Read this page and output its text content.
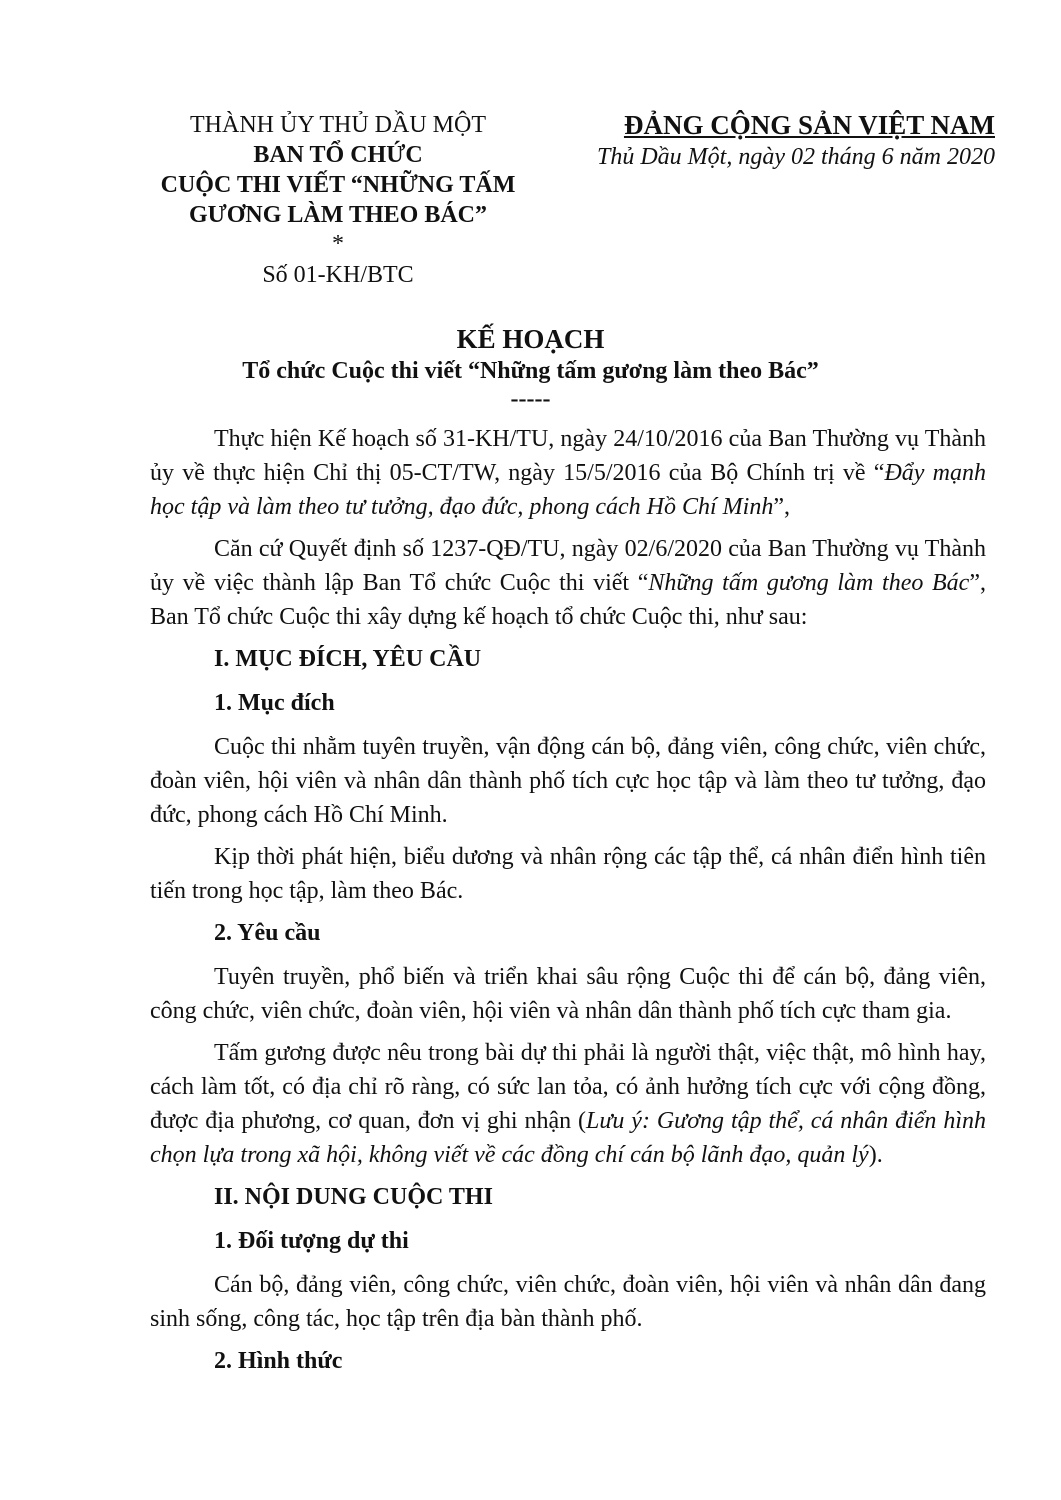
THÀNH ỦY THỦ DẦU MỘT
BAN TỔ CHỨC
CUỘC THI VIẾT “NHỮNG TẤM
GƯƠNG LÀM THEO BÁC”
*
Số 01-KH/BTC
ĐẢNG CỘNG SẢN VIỆT NAM
Thủ Dầu Một, ngày 02 tháng 6 năm 2020
KẾ HOẠCH
Tổ chức Cuộc thi viết “Những tấm gương làm theo Bác”
-----

Thực hiện Kế hoạch số 31-KH/TU, ngày 24/10/2016 của Ban Thường vụ Thành ủy về thực hiện Chỉ thị 05-CT/TW, ngày 15/5/2016 của Bộ Chính trị về “Đẩy mạnh học tập và làm theo tư tưởng, đạo đức, phong cách Hồ Chí Minh”,

Căn cứ Quyết định số 1237-QĐ/TU, ngày 02/6/2020 của Ban Thường vụ Thành ủy về việc thành lập Ban Tổ chức Cuộc thi viết “Những tấm gương làm theo Bác”, Ban Tổ chức Cuộc thi xây dựng kế hoạch tổ chức Cuộc thi, như sau:

I. MỤC ĐÍCH, YÊU CẦU
1. Mục đích

Cuộc thi nhằm tuyên truyền, vận động cán bộ, đảng viên, công chức, viên chức, đoàn viên, hội viên và nhân dân thành phố tích cực học tập và làm theo tư tưởng, đạo đức, phong cách Hồ Chí Minh.

Kịp thời phát hiện, biểu dương và nhân rộng các tập thể, cá nhân điển hình tiên tiến trong học tập, làm theo Bác.

2. Yêu cầu

Tuyên truyền, phổ biến và triển khai sâu rộng Cuộc thi để cán bộ, đảng viên, công chức, viên chức, đoàn viên, hội viên và nhân dân thành phố tích cực tham gia.

Tấm gương được nêu trong bài dự thi phải là người thật, việc thật, mô hình hay, cách làm tốt, có địa chỉ rõ ràng, có sức lan tỏa, có ảnh hưởng tích cực với cộng đồng, được địa phương, cơ quan, đơn vị ghi nhận (Lưu ý: Gương tập thể, cá nhân điển hình chọn lựa trong xã hội, không viết về các đồng chí cán bộ lãnh đạo, quản lý).

II. NỘI DUNG CUỘC THI
1. Đối tượng dự thi

Cán bộ, đảng viên, công chức, viên chức, đoàn viên, hội viên và nhân dân đang sinh sống, công tác, học tập trên địa bàn thành phố.

2. Hình thức
